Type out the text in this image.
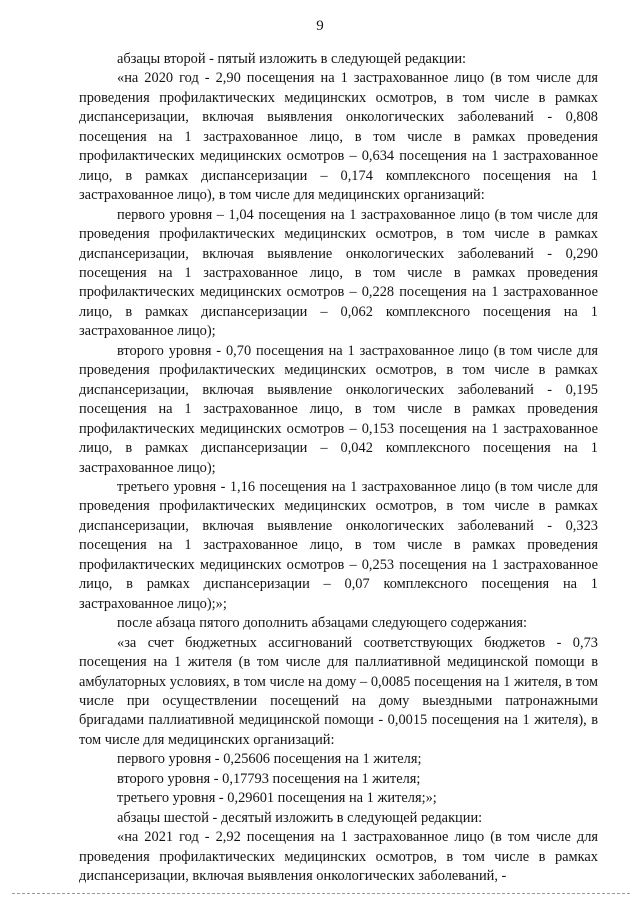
9

абзацы второй - пятый изложить в следующей редакции:

«на 2020 год - 2,90 посещения на 1 застрахованное лицо (в том числе для проведения профилактических медицинских осмотров, в том числе в рамках диспансеризации, включая выявления онкологических заболеваний - 0,808 посещения на 1 застрахованное лицо, в том числе в рамках проведения профилактических медицинских осмотров – 0,634 посещения на 1 застрахованное лицо, в рамках диспансеризации – 0,174 комплексного посещения на 1 застрахованное лицо), в том числе для медицинских организаций:

первого уровня – 1,04 посещения на 1 застрахованное лицо (в том числе для проведения профилактических медицинских осмотров, в том числе в рамках диспансеризации, включая выявление онкологических заболеваний - 0,290 посещения на 1 застрахованное лицо, в том числе в рамках проведения профилактических медицинских осмотров – 0,228 посещения на 1 застрахованное лицо, в рамках диспансеризации – 0,062 комплексного посещения на 1 застрахованное лицо);

второго уровня - 0,70 посещения на 1 застрахованное лицо (в том числе для проведения профилактических медицинских осмотров, в том числе в рамках диспансеризации, включая выявление онкологических заболеваний - 0,195 посещения на 1 застрахованное лицо, в том числе в рамках проведения профилактических медицинских осмотров – 0,153 посещения на 1 застрахованное лицо, в рамках диспансеризации – 0,042 комплексного посещения на 1 застрахованное лицо);

третьего уровня - 1,16 посещения на 1 застрахованное лицо (в том числе для проведения профилактических медицинских осмотров, в том числе в рамках диспансеризации, включая выявление онкологических заболеваний - 0,323 посещения на 1 застрахованное лицо, в том числе в рамках проведения профилактических медицинских осмотров – 0,253 посещения на 1 застрахованное лицо, в рамках диспансеризации – 0,07 комплексного посещения на 1 застрахованное лицо);»;

после абзаца пятого дополнить абзацами следующего содержания:

«за счет бюджетных ассигнований соответствующих бюджетов - 0,73 посещения на 1 жителя (в том числе для паллиативной медицинской помощи в амбулаторных условиях, в том числе на дому – 0,0085 посещения на 1 жителя, в том числе при осуществлении посещений на дому выездными патронажными бригадами паллиативной медицинской помощи - 0,0015 посещения на 1 жителя), в том числе для медицинских организаций:

первого уровня - 0,25606 посещения на 1 жителя;

второго уровня - 0,17793 посещения на 1 жителя;

третьего уровня - 0,29601 посещения на 1 жителя;»;

абзацы шестой - десятый изложить в следующей редакции:

«на 2021 год - 2,92 посещения на 1 застрахованное лицо (в том числе для проведения профилактических медицинских осмотров, в том числе в рамках диспансеризации, включая выявления онкологических заболеваний, -
